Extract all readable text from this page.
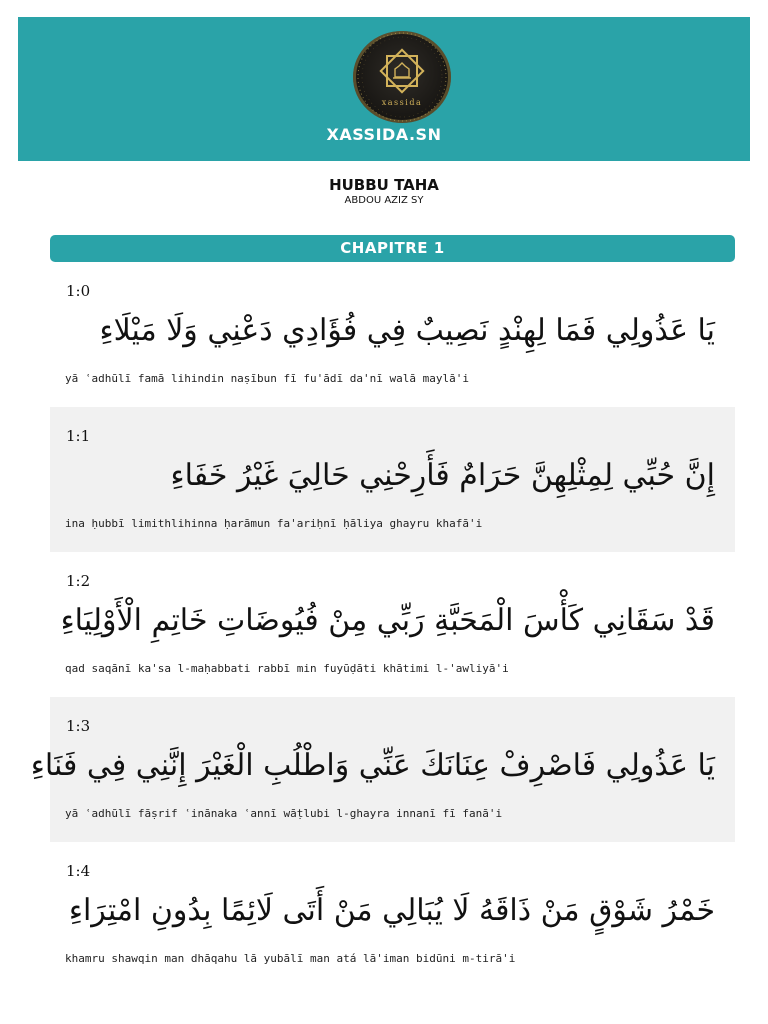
xassida
XASSIDA.SN
HUBBU TAHA
ABDOU AZIZ SY
CHAPITRE 1
1:0
يَا عَذُولِي فَمَا لِهِنْدٍ نَصِيبٌ فِي فُؤَادِي دَعْنِي وَلَا مَيْلَاءِ
yā ʿadhūlī famā lihindin naṣībun fī fu'ādī da'nī walā maylā'i
1:1
إِنَّ حُبِّي لِمِثْلِهِنَّ حَرَامٌ فَأَرِحْنِي حَالِيَ غَيْرُ خَفَاءِ
ina ḥubbī limithlihinna ḥarāmun fa'ariḥnī ḥāliya ghayru khafā'i
1:2
قَدْ سَقَانِي كَأْسَ الْمَحَبَّةِ رَبِّي مِنْ فُيُوضَاتِ خَاتِمِ الْأَوْلِيَاءِ
qad saqānī ka'sa l-maḥabbati rabbī min fuyūḍāti khātimi l-'awliyā'i
1:3
يَا عَذُولِي فَاصْرِفْ عِنَانَكَ عَنِّي وَاطْلُبِ الْغَيْرَ إِنَّنِي فِي فَنَاءِ
yā ʿadhūlī fāṣrif ʿinānaka ʿannī wāṭlubi l-ghayra innanī fī fanā'i
1:4
خَمْرُ شَوْقٍ مَنْ ذَاقَهُ لَا يُبَالِي مَنْ أَتَى لَائِمًا بِدُونِ امْتِرَاءِ
khamru shawqin man dhāqahu lā yubālī man atá lā'iman bidūni m-tirā'i
